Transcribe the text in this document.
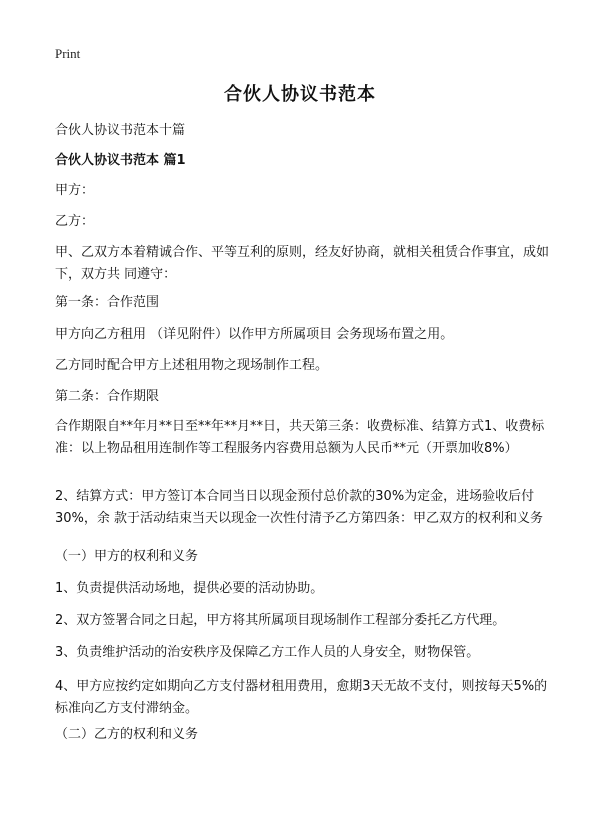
Print
合伙人协议书范本

合伙人协议书范本十篇

合伙人协议书范本 篇1

甲方：

乙方：

甲、乙双方本着精诚合作、平等互利的原则，经友好协商，就相关租赁合作事宜，成如下，双方共 同遵守：

第一条：合作范围

甲方向乙方租用 （详见附件）以作甲方所属项目 会务现场布置之用。

乙方同时配合甲方上述租用物之现场制作工程。

第二条：合作期限

合作期限自**年月**日至**年**月**日，共天第三条：收费标准、结算方式1、收费标准：以上物品租用连制作等工程服务内容费用总额为人民币**元（开票加收8%）

2、结算方式：甲方签订本合同当日以现金预付总价款的30%为定金，进场验收后付30%，余 款于活动结束当天以现金一次性付清予乙方第四条：甲乙双方的权利和义务

（一）甲方的权利和义务

1、负责提供活动场地，提供必要的活动协助。

2、双方签署合同之日起，甲方将其所属项目现场制作工程部分委托乙方代理。

3、负责维护活动的治安秩序及保障乙方工作人员的人身安全，财物保管。

4、甲方应按约定如期向乙方支付器材租用费用，愈期3天无故不支付，则按每天5%的标准向乙方支付滞纳金。

（二）乙方的权利和义务
